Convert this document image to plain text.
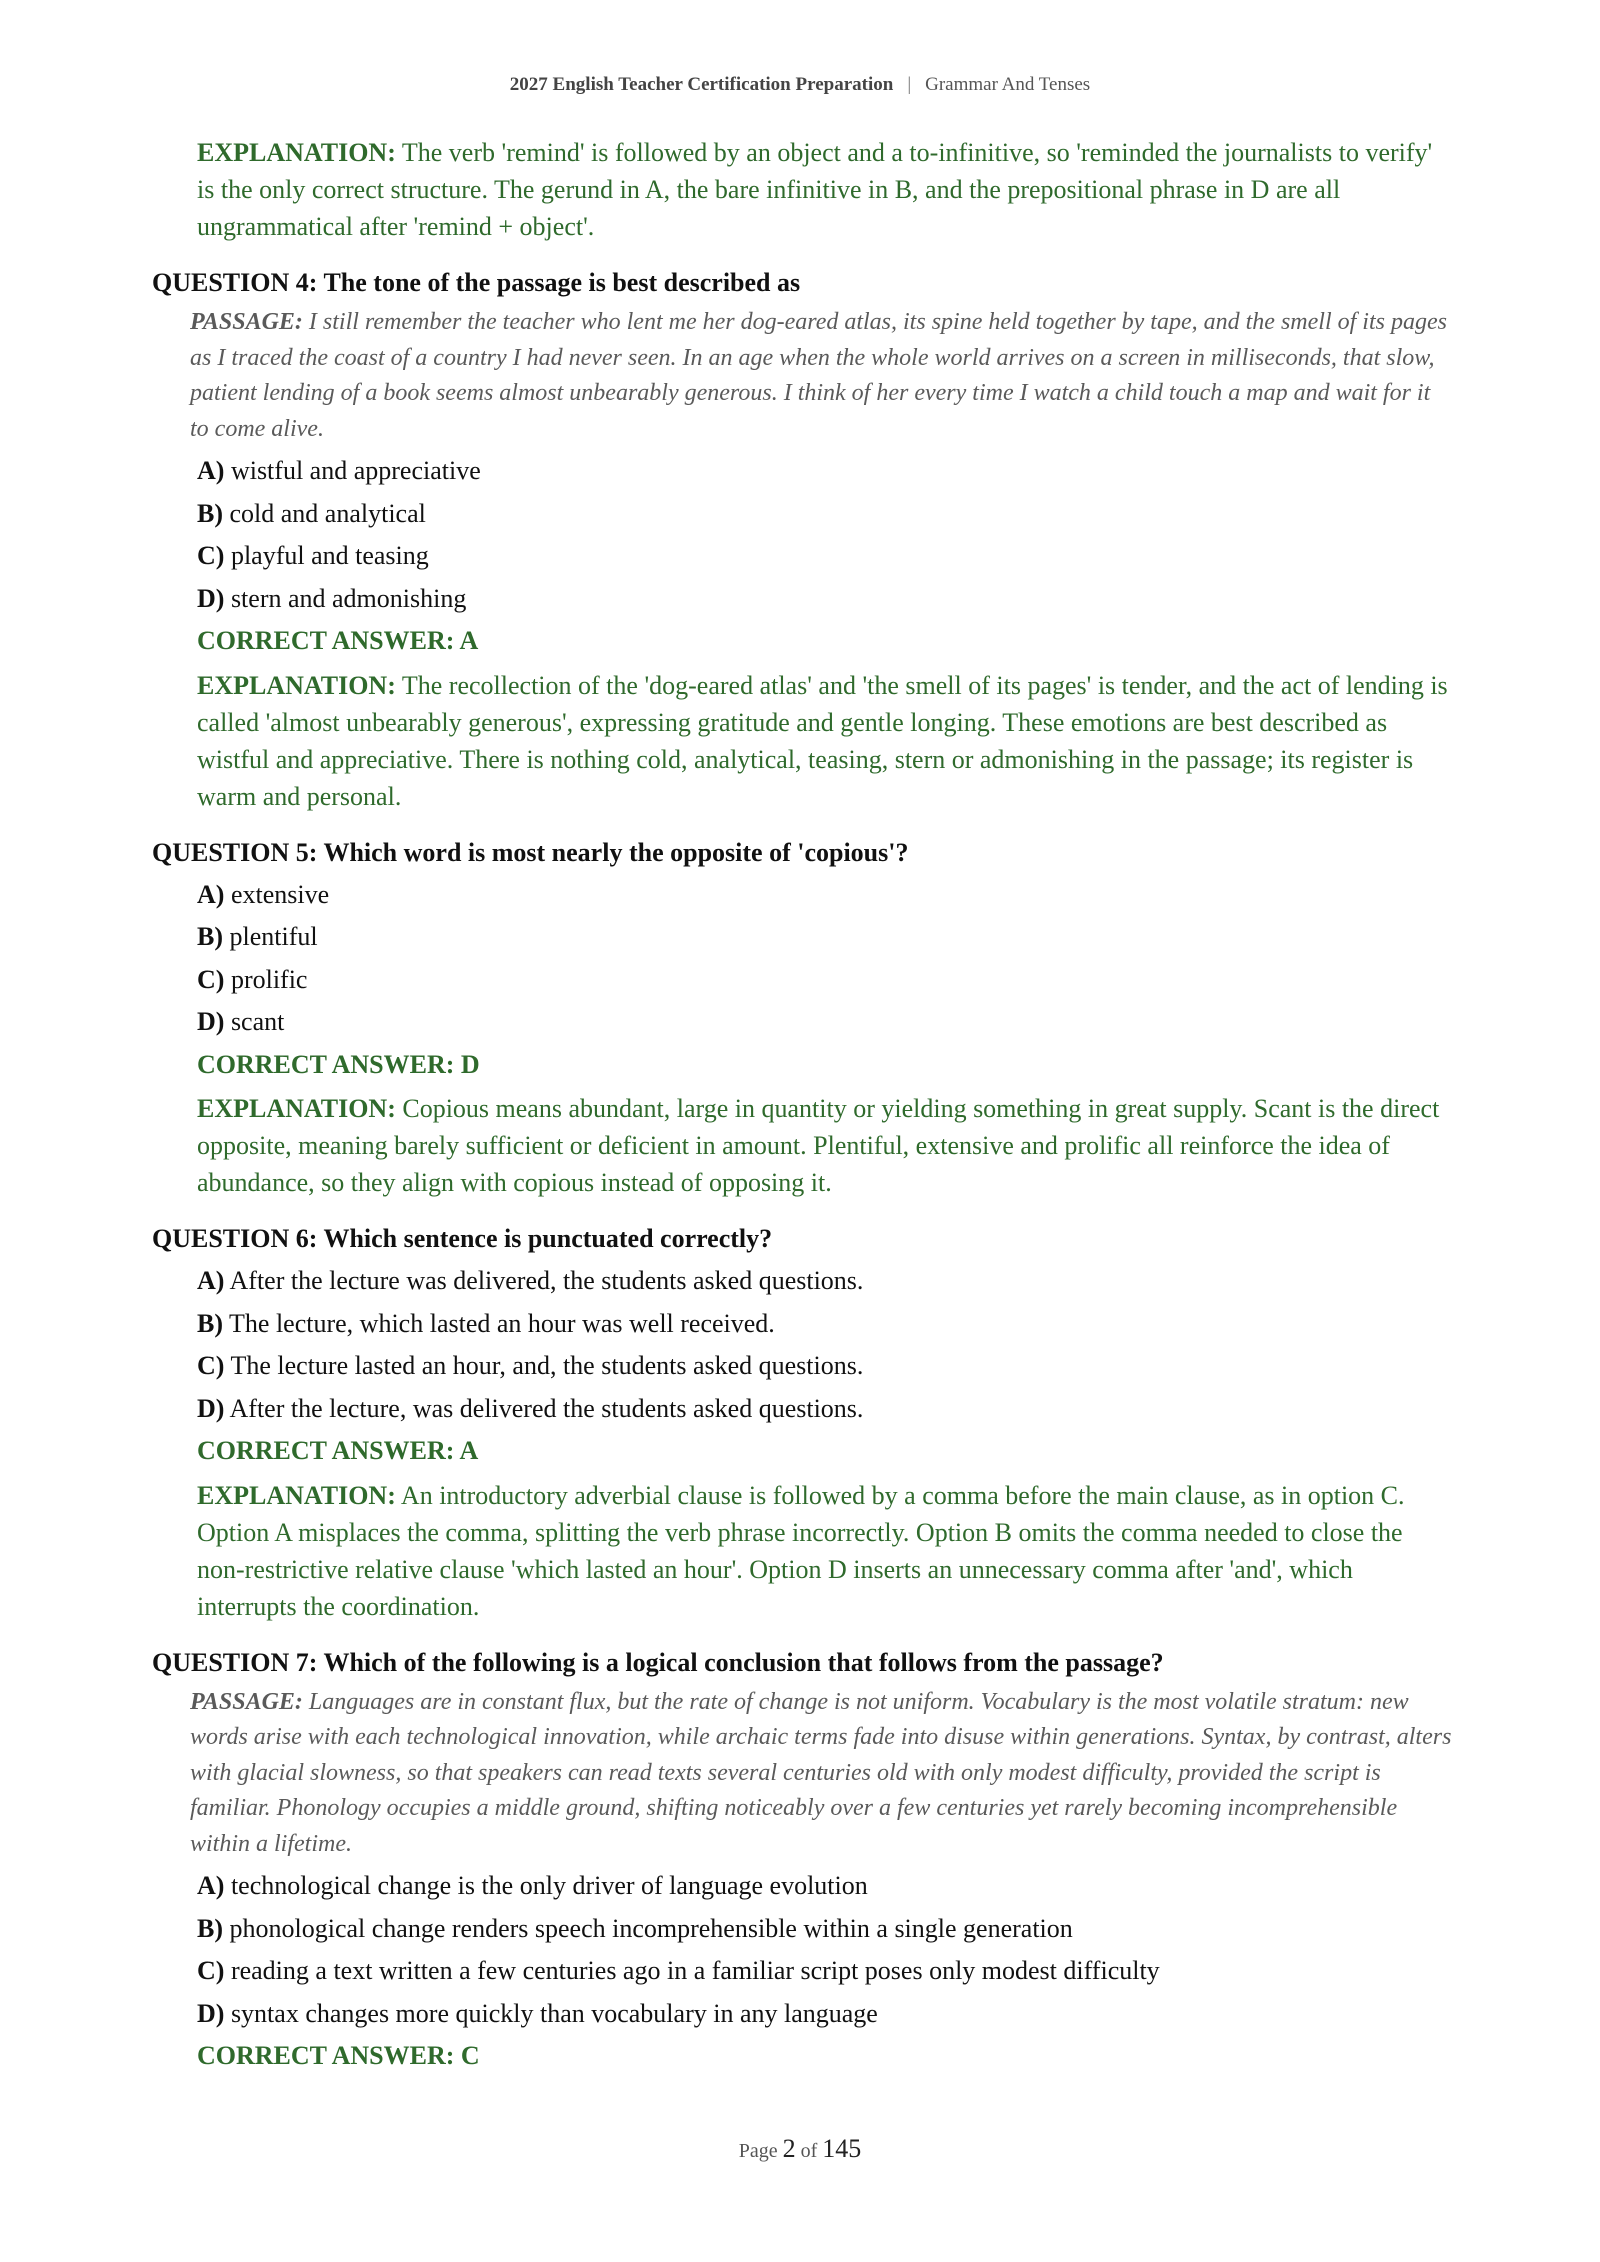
2027 English Teacher Certification Preparation | Grammar And Tenses

EXPLANATION: The verb 'remind' is followed by an object and a to-infinitive, so 'reminded the journalists to verify' is the only correct structure. The gerund in A, the bare infinitive in B, and the prepositional phrase in D are all ungrammatical after 'remind + object'.

QUESTION 4: The tone of the passage is best described as

PASSAGE: I still remember the teacher who lent me her dog-eared atlas, its spine held together by tape, and the smell of its pages as I traced the coast of a country I had never seen. In an age when the whole world arrives on a screen in milliseconds, that slow, patient lending of a book seems almost unbearably generous. I think of her every time I watch a child touch a map and wait for it to come alive.

A) wistful and appreciative

B) cold and analytical

C) playful and teasing

D) stern and admonishing

CORRECT ANSWER: A

EXPLANATION: The recollection of the 'dog-eared atlas' and 'the smell of its pages' is tender, and the act of lending is called 'almost unbearably generous', expressing gratitude and gentle longing. These emotions are best described as wistful and appreciative. There is nothing cold, analytical, teasing, stern or admonishing in the passage; its register is warm and personal.

QUESTION 5: Which word is most nearly the opposite of 'copious'?

A) extensive

B) plentiful

C) prolific

D) scant

CORRECT ANSWER: D

EXPLANATION: Copious means abundant, large in quantity or yielding something in great supply. Scant is the direct opposite, meaning barely sufficient or deficient in amount. Plentiful, extensive and prolific all reinforce the idea of abundance, so they align with copious instead of opposing it.

QUESTION 6: Which sentence is punctuated correctly?

A) After the lecture was delivered, the students asked questions.

B) The lecture, which lasted an hour was well received.

C) The lecture lasted an hour, and, the students asked questions.

D) After the lecture, was delivered the students asked questions.

CORRECT ANSWER: A

EXPLANATION: An introductory adverbial clause is followed by a comma before the main clause, as in option C. Option A misplaces the comma, splitting the verb phrase incorrectly. Option B omits the comma needed to close the non-restrictive relative clause 'which lasted an hour'. Option D inserts an unnecessary comma after 'and', which interrupts the coordination.

QUESTION 7: Which of the following is a logical conclusion that follows from the passage?

PASSAGE: Languages are in constant flux, but the rate of change is not uniform. Vocabulary is the most volatile stratum: new words arise with each technological innovation, while archaic terms fade into disuse within generations. Syntax, by contrast, alters with glacial slowness, so that speakers can read texts several centuries old with only modest difficulty, provided the script is familiar. Phonology occupies a middle ground, shifting noticeably over a few centuries yet rarely becoming incomprehensible within a lifetime.

A) technological change is the only driver of language evolution

B) phonological change renders speech incomprehensible within a single generation

C) reading a text written a few centuries ago in a familiar script poses only modest difficulty

D) syntax changes more quickly than vocabulary in any language

CORRECT ANSWER: C

Page 2 of 145
